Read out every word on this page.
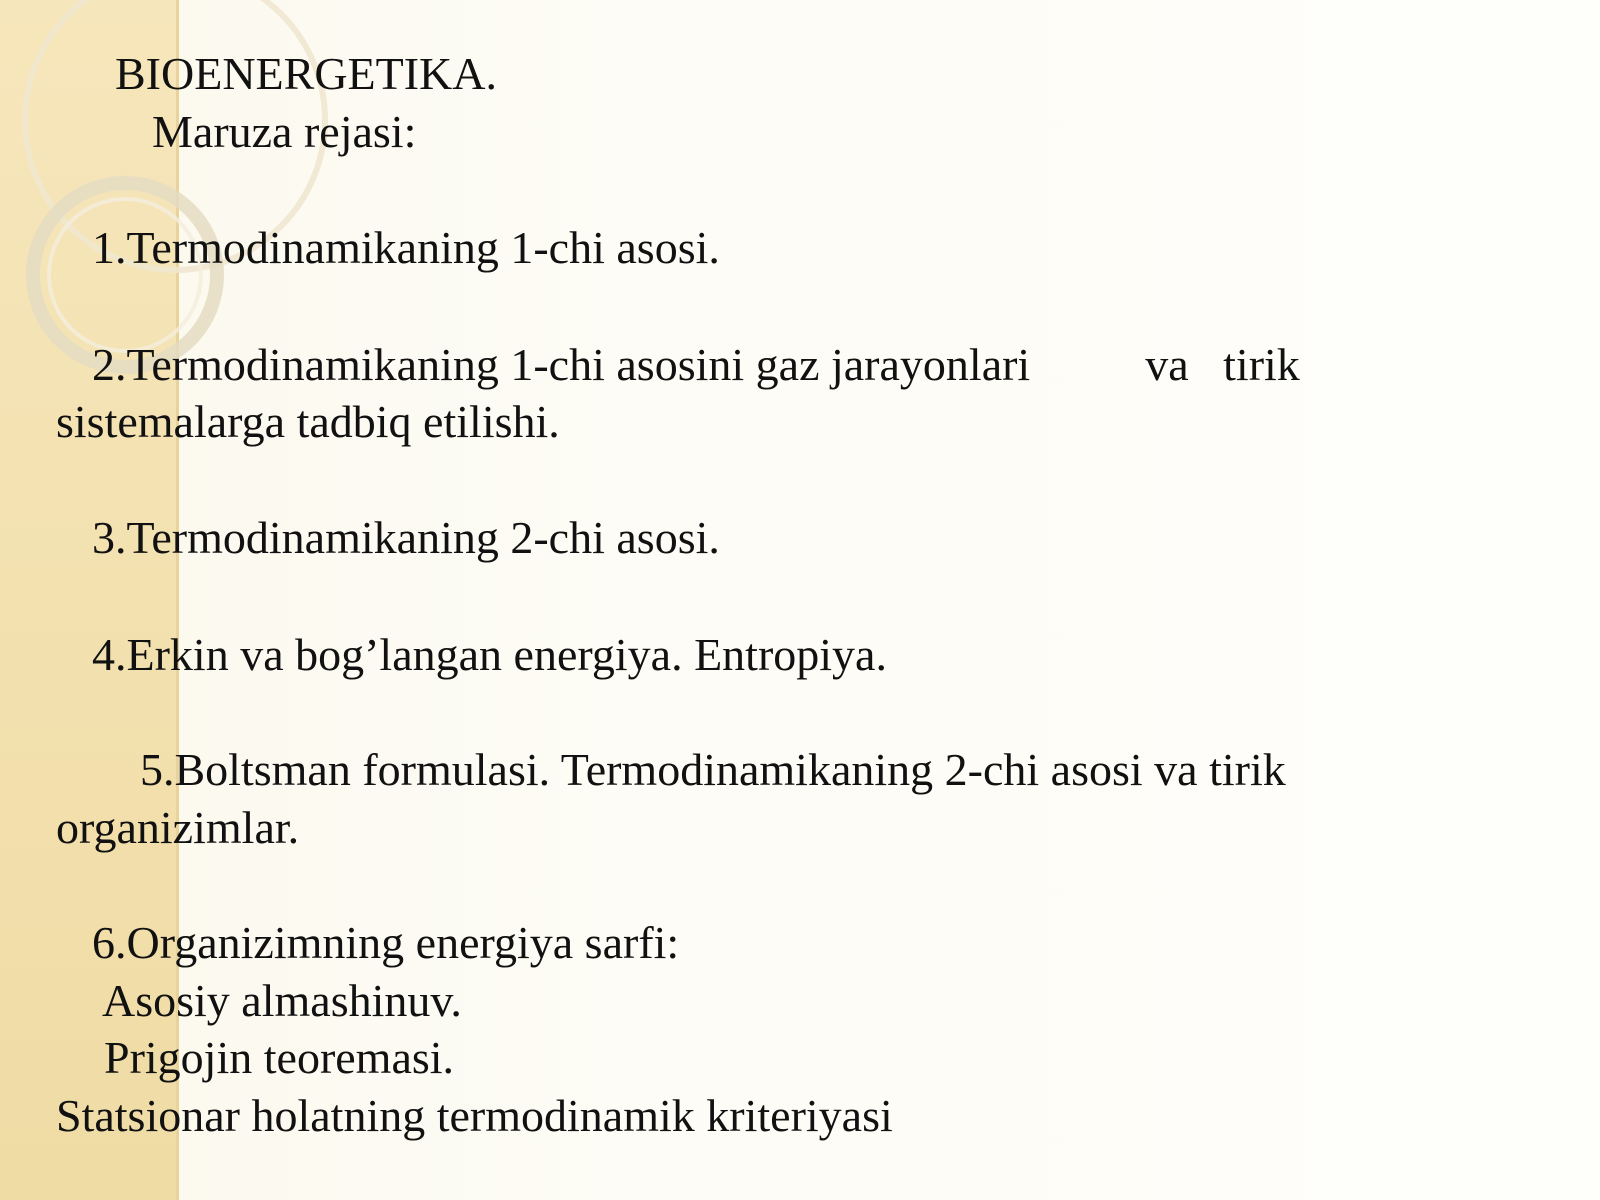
BIOENERGETIKA.

Maruza rejasi:

1.Termodinamikaning 1-chi asosi.

2.Termodinamikaning 1-chi asosini gaz jarayonlari          va   tirik

sistemalarga tadbiq etilishi.

3.Termodinamikaning 2-chi asosi.

4.Erkin va bog’langan energiya. Entropiya.

5.Boltsman formulasi. Termodinamikaning 2-chi asosi va tirik

organizimlar.

6.Organizimning energiya sarfi:

Asosiy almashinuv.

Prigojin teoremasi.

Statsionar holatning termodinamik kriteriyasi
